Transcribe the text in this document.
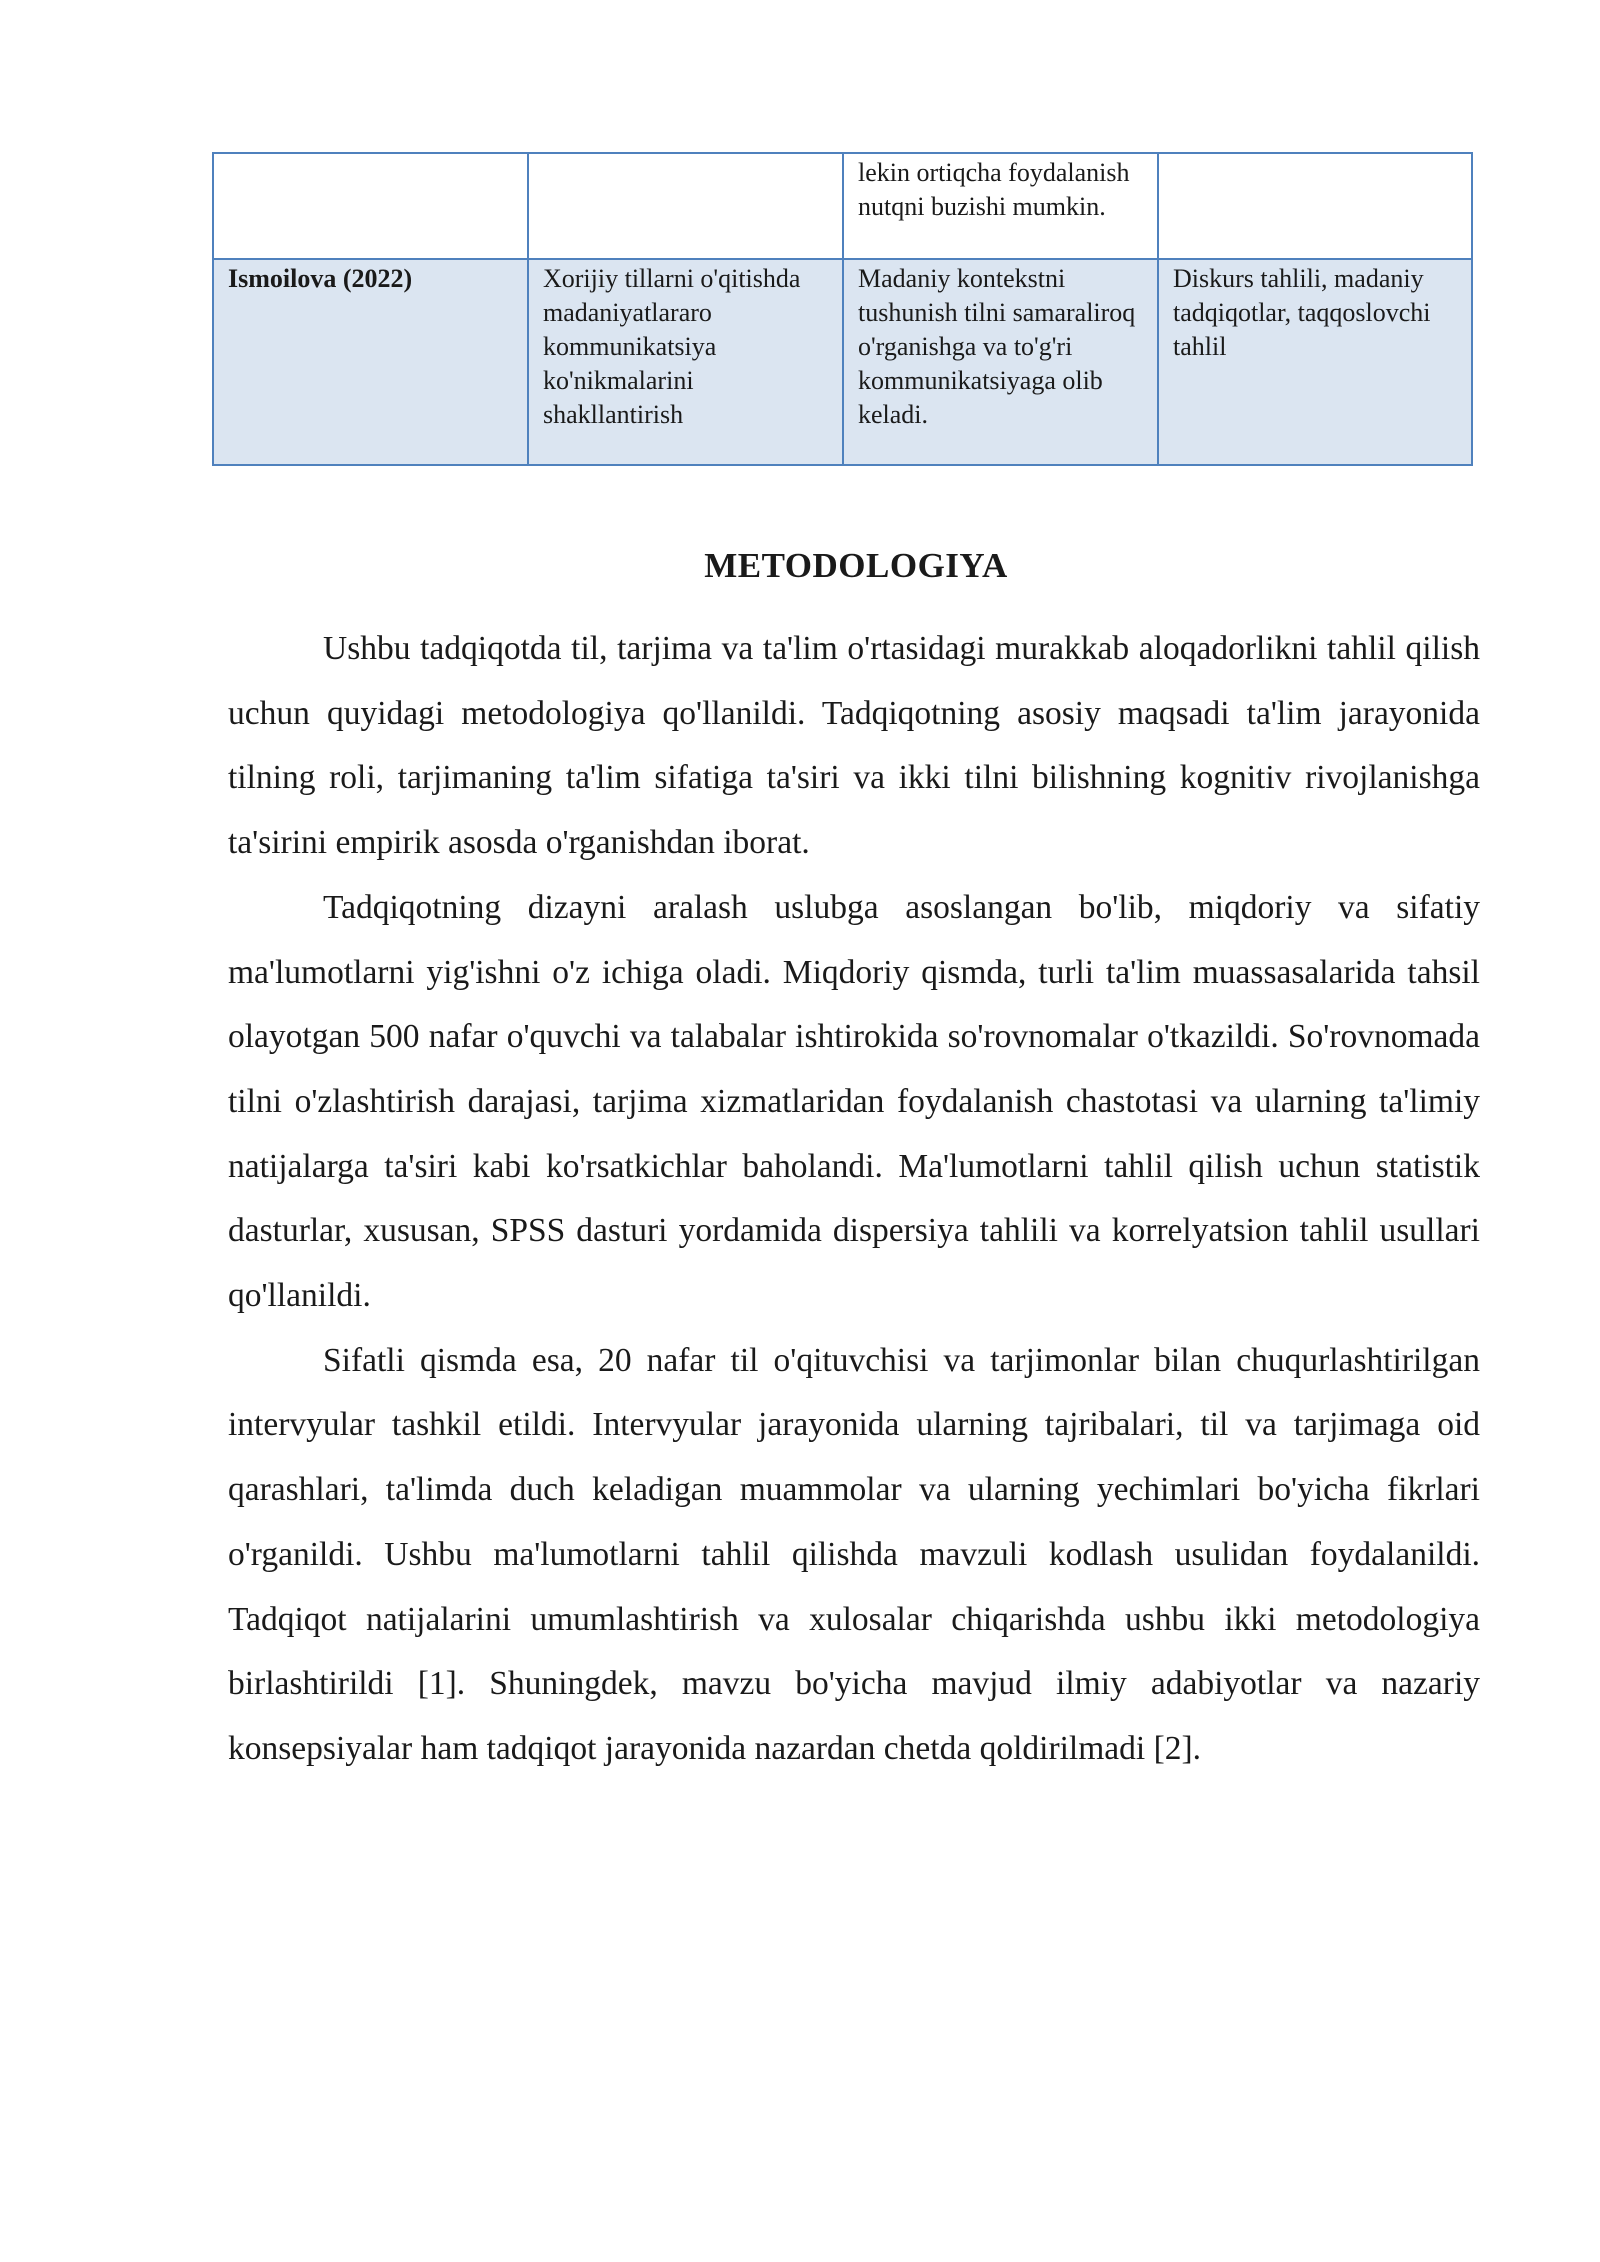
		lekin ortiqcha foydalanish nutqni buzishi mumkin.	
Ismoilova (2022)	Xorijiy tillarni o'qitishda madaniyatlararo kommunikatsiya ko'nikmalarini shakllantirish	Madaniy kontekstni tushunish tilni samaraliroq o'rganishga va to'g'ri kommunikatsiyaga olib keladi.	Diskurs tahlili, madaniy tadqiqotlar, taqqoslovchi tahlil
METODOLOGIYA

Ushbu tadqiqotda til, tarjima va ta'lim o'rtasidagi murakkab aloqadorlikni tahlil qilish uchun quyidagi metodologiya qo'llanildi. Tadqiqotning asosiy maqsadi ta'lim jarayonida tilning roli, tarjimaning ta'lim sifatiga ta'siri va ikki tilni bilishning kognitiv rivojlanishga ta'sirini empirik asosda o'rganishdan iborat.

Tadqiqotning dizayni aralash uslubga asoslangan bo'lib, miqdoriy va sifatiy ma'lumotlarni yig'ishni o'z ichiga oladi. Miqdoriy qismda, turli ta'lim muassasalarida tahsil olayotgan 500 nafar o'quvchi va talabalar ishtirokida so'rovnomalar o'tkazildi. So'rovnomada tilni o'zlashtirish darajasi, tarjima xizmatlaridan foydalanish chastotasi va ularning ta'limiy natijalarga ta'siri kabi ko'rsatkichlar baholandi. Ma'lumotlarni tahlil qilish uchun statistik dasturlar, xususan, SPSS dasturi yordamida dispersiya tahlili va korrelyatsion tahlil usullari qo'llanildi.

Sifatli qismda esa, 20 nafar til o'qituvchisi va tarjimonlar bilan chuqurlashtirilgan intervyular tashkil etildi. Intervyular jarayonida ularning tajribalari, til va tarjimaga oid qarashlari, ta'limda duch keladigan muammolar va ularning yechimlari bo'yicha fikrlari o'rganildi. Ushbu ma'lumotlarni tahlil qilishda mavzuli kodlash usulidan foydalanildi. Tadqiqot natijalarini umumlashtirish va xulosalar chiqarishda ushbu ikki metodologiya birlashtirildi [1]. Shuningdek, mavzu bo'yicha mavjud ilmiy adabiyotlar va nazariy konsepsiyalar ham tadqiqot jarayonida nazardan chetda qoldirilmadi [2].
